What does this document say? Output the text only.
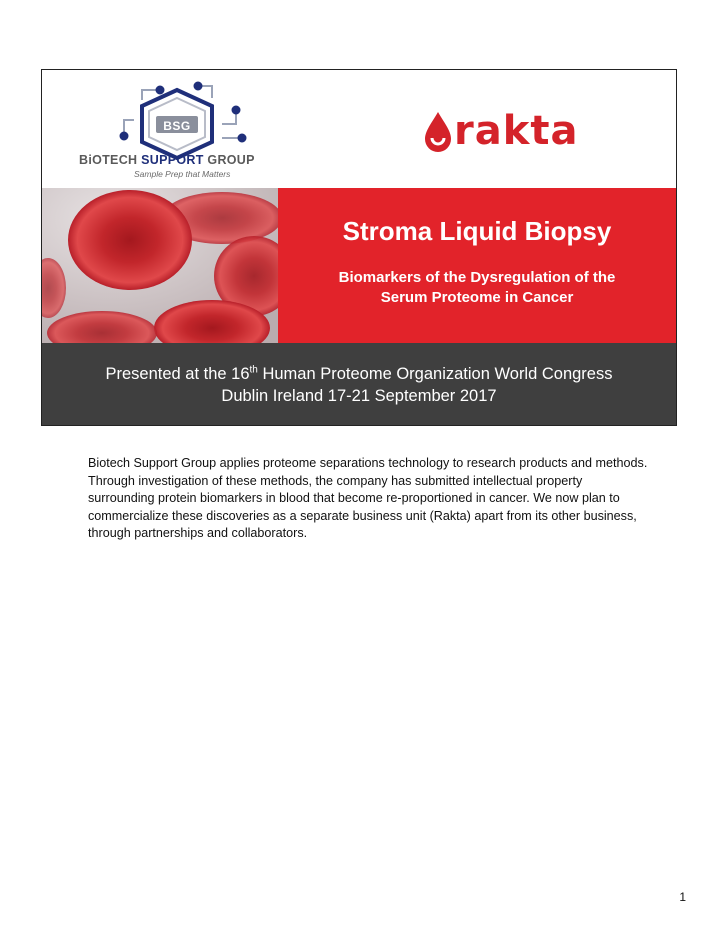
BSG
BiOTECH SUPPORT GROUP
Sample Prep that Matters
rakta
Stroma Liquid Biopsy
Biomarkers of the Dysregulation of the
Serum Proteome in Cancer
Presented at the 16th Human Proteome Organization World Congress
Dublin Ireland 17-21 September 2017
Biotech Support Group applies proteome separations technology to research products and methods. Through investigation of these methods, the company has submitted intellectual property surrounding protein biomarkers in blood that become re-proportioned in cancer. We now plan to commercialize these discoveries as a separate business unit (Rakta) apart from its other business, through partnerships and collaborators.
1
